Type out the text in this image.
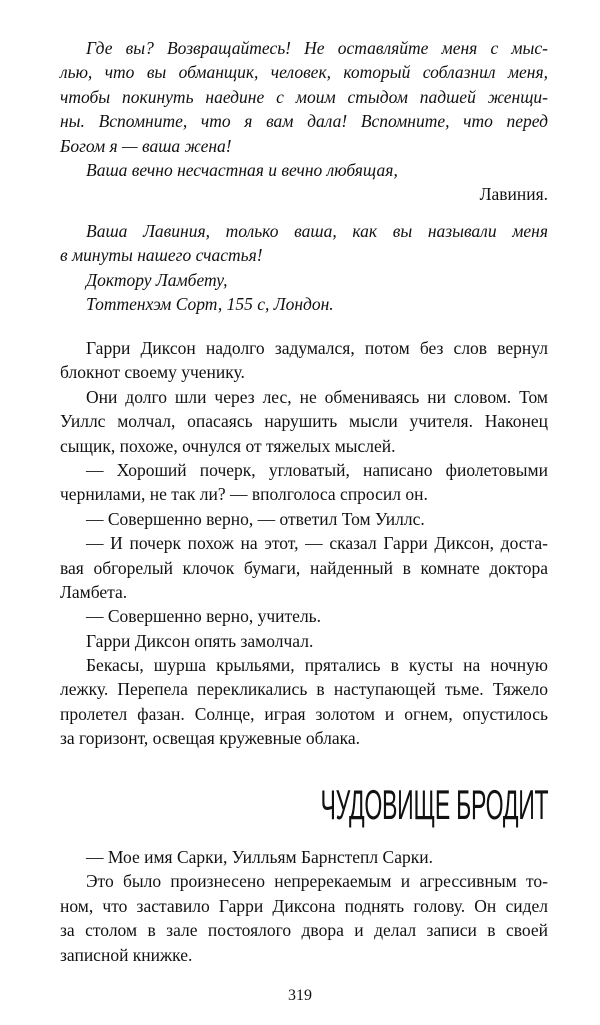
Где вы? Возвращайтесь! Не оставляйте меня с мыс-
лью, что вы обманщик, человек, который соблазнил меня,
чтобы покинуть наедине с моим стыдом падшей женщи-
ны. Вспомните, что я вам дала! Вспомните, что перед
Богом я — ваша жена!
Ваша вечно несчастная и вечно любящая,
Лавиния.
Ваша Лавиния, только ваша, как вы называли меня
в минуты нашего счастья!
Доктору Ламбету,
Тоттенхэм Сорт, 155 с, Лондон.
Гарри Диксон надолго задумался, потом без слов вернул
блокнот своему ученику.
Они долго шли через лес, не обмениваясь ни словом. Том
Уиллс молчал, опасаясь нарушить мысли учителя. Наконец
сыщик, похоже, очнулся от тяжелых мыслей.
— Хороший почерк, угловатый, написано фиолетовыми
чернилами, не так ли? — вполголоса спросил он.
— Совершенно верно, — ответил Том Уиллс.
— И почерк похож на этот, — сказал Гарри Диксон, доста-
вая обгорелый клочок бумаги, найденный в комнате доктора
Ламбета.
— Совершенно верно, учитель.
Гарри Диксон опять замолчал.
Бекасы, шурша крыльями, прятались в кусты на ночную
лежку. Перепела перекликались в наступающей тьме. Тяжело
пролетел фазан. Солнце, играя золотом и огнем, опустилось
за горизонт, освещая кружевные облака.
ЧУДОВИЩЕ БРОДИТ
— Мое имя Сарки, Уилльям Барнстепл Сарки.
Это было произнесено непререкаемым и агрессивным то-
ном, что заставило Гарри Диксона поднять голову. Он сидел
за столом в зале постоялого двора и делал записи в своей
записной книжке.
319
